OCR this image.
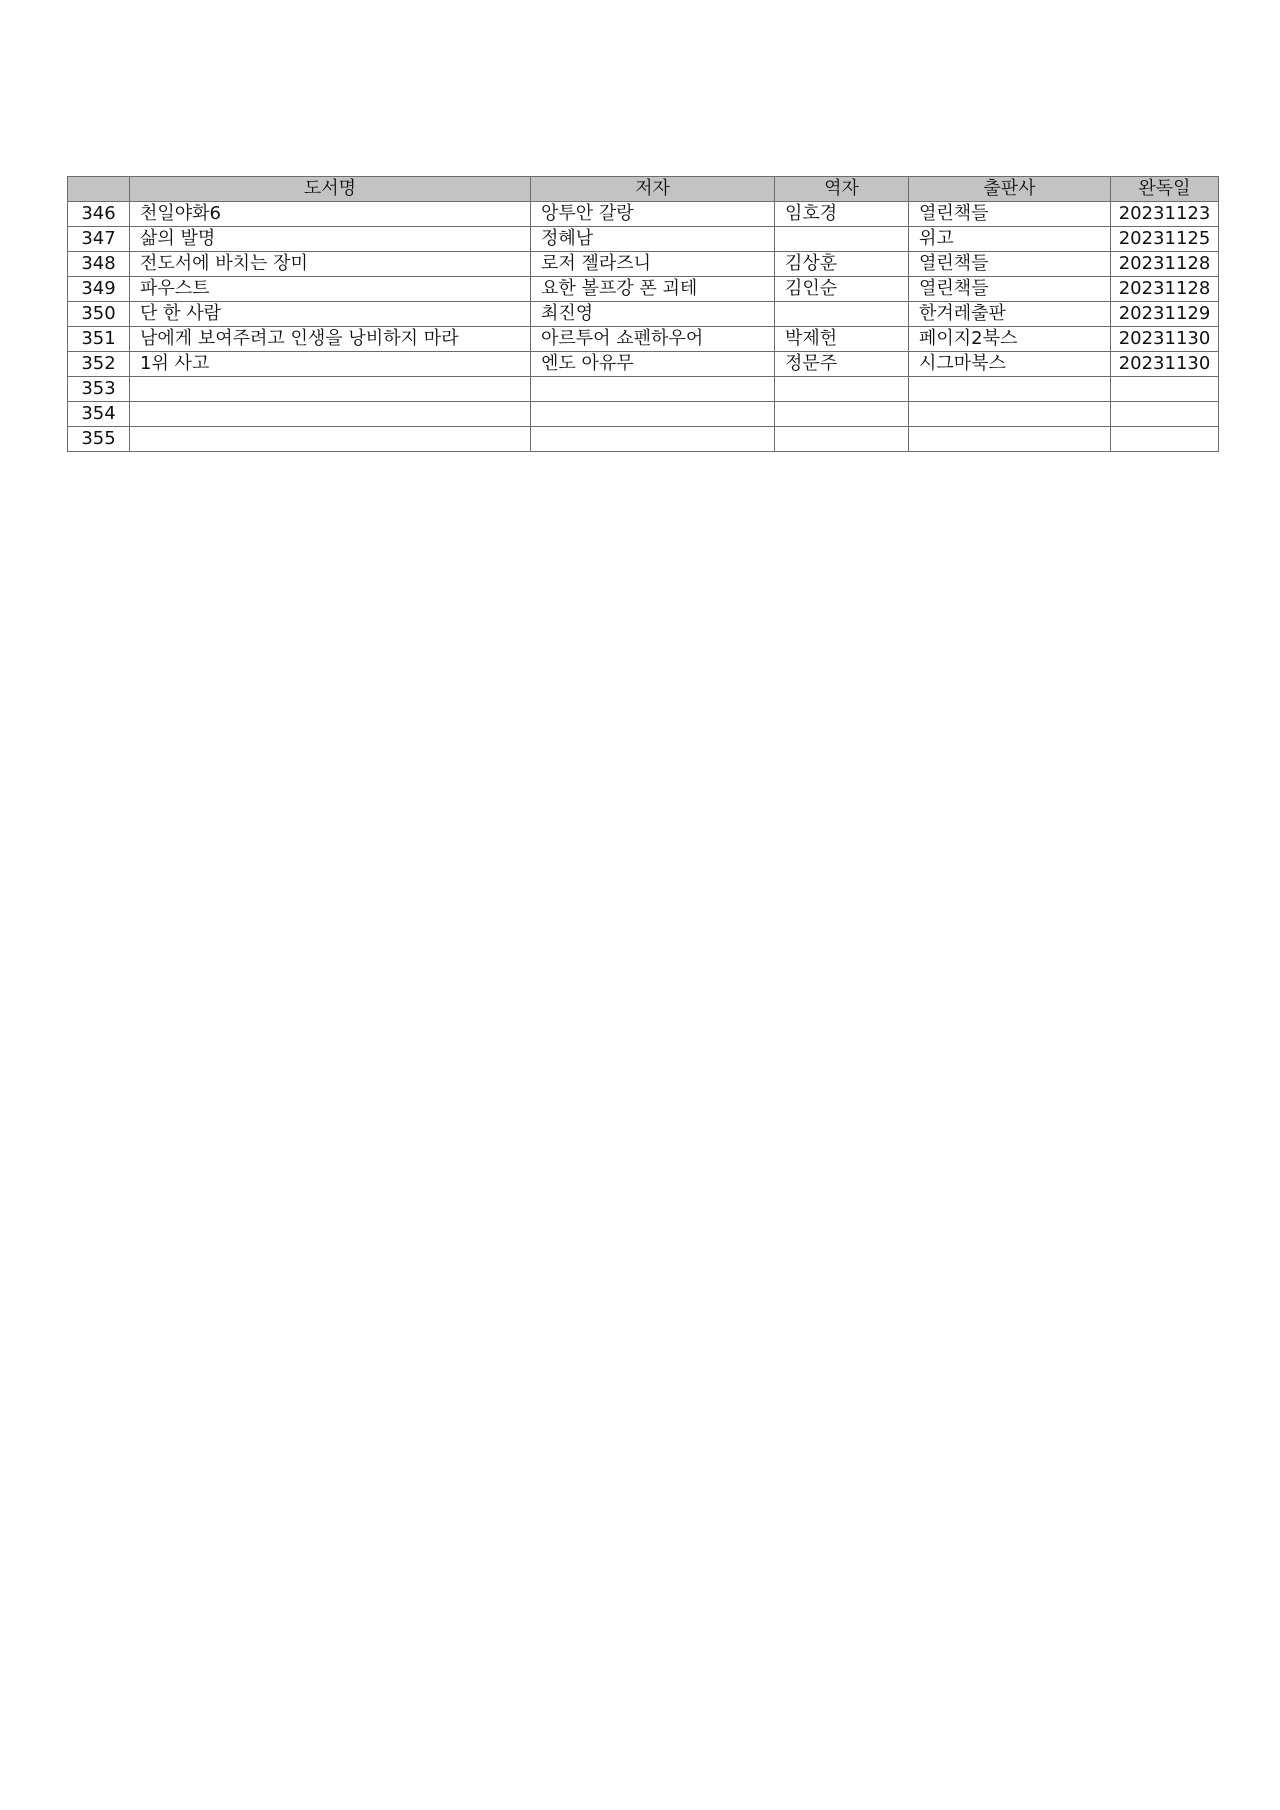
	도서명	저자	역자	출판사	완독일
346	천일야화6	앙투안 갈랑	임호경	열린책들	20231123
347	삶의 발명	정혜남		위고	20231125
348	전도서에 바치는 장미	로저 젤라즈니	김상훈	열린책들	20231128
349	파우스트	요한 볼프강 폰 괴테	김인순	열린책들	20231128
350	단 한 사람	최진영		한겨레출판	20231129
351	남에게 보여주려고 인생을 낭비하지 마라	아르투어 쇼펜하우어	박제헌	페이지2북스	20231130
352	1위 사고	엔도 아유무	정문주	시그마북스	20231130
353					
354					
355					
